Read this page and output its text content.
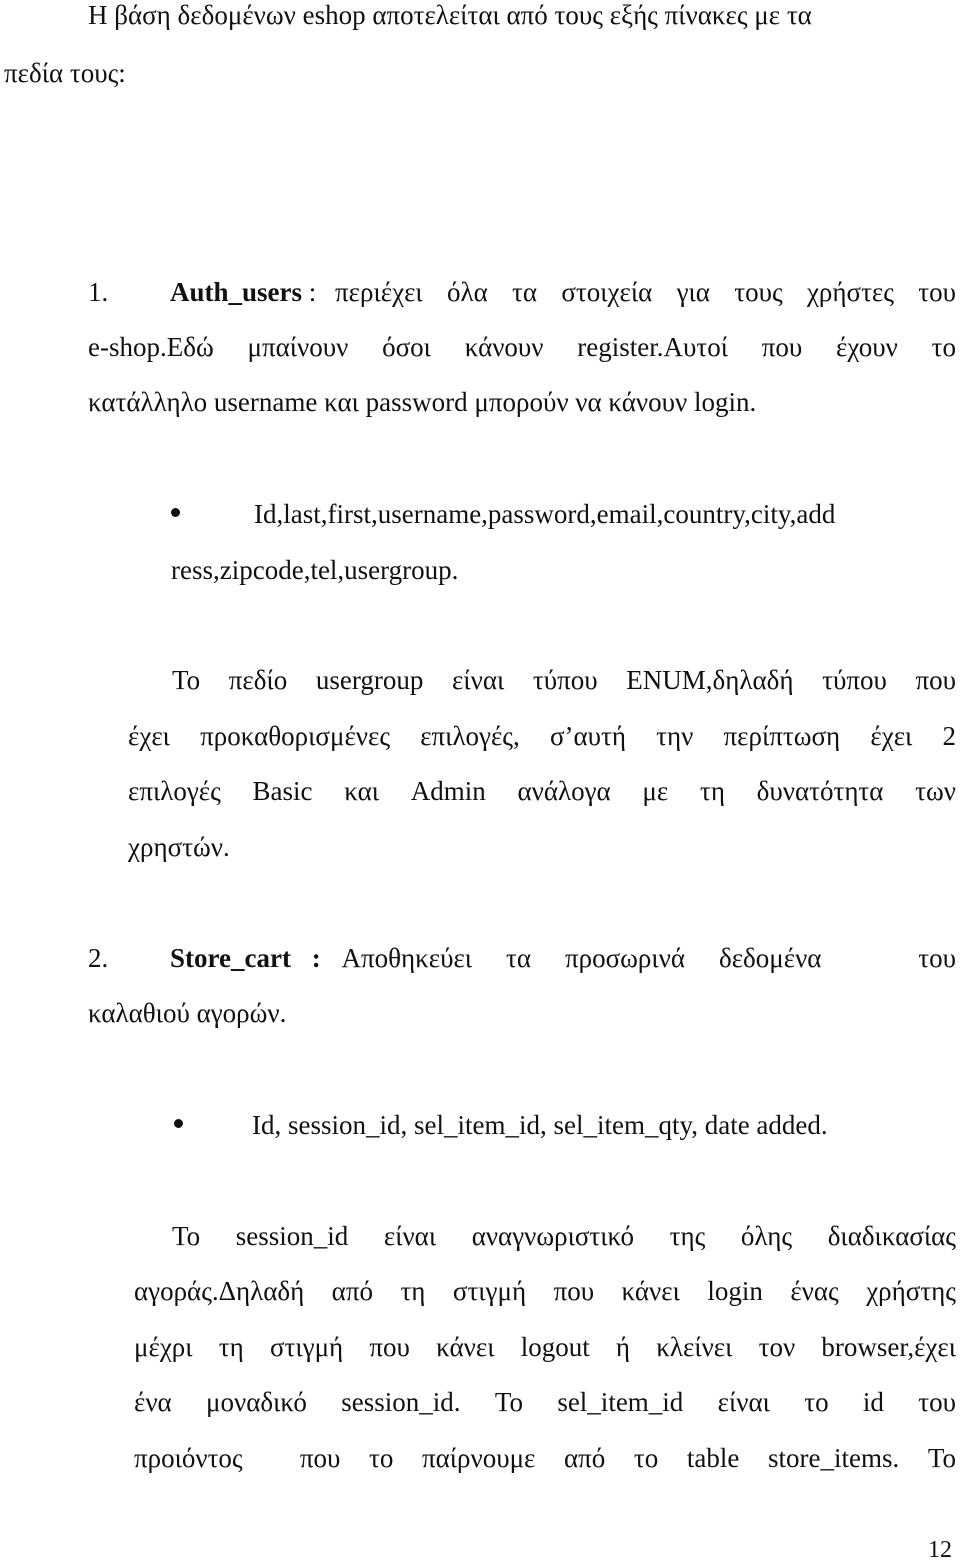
Η βάση δεδομένων eshop αποτελείται από τους εξής πίνακες με τα
πεδία τους:
1.	Auth_users : περιέχει όλα τα στοιχεία για τους χρήστες του
e-shop.Εδώ μπαίνουν όσοι κάνουν register.Αυτοί που έχουν το
κατάλληλο username και password μπορούν να κάνουν login.
Id,last,first,username,password,email,country,city,add
ress,zipcode,tel,usergroup.
Το πεδίο usergroup είναι τύπου ENUM,δηλαδή τύπου που
έχει προκαθορισμένες επιλογές, σ’αυτή την περίπτωση έχει 2
επιλογές Basic και Admin ανάλογα με τη δυνατότητα των
χρηστών.
2.	Store_cart : Αποθηκεύει τα προσωρινά δεδομένα	του
καλαθιού αγορών.
Id, session_id, sel_item_id, sel_item_qty, date added.
Το session_id είναι αναγνωριστικό της όλης διαδικασίας
αγοράς.Δηλαδή από τη στιγμή που κάνει login ένας χρήστης
μέχρι τη στιγμή που κάνει logout ή κλείνει τον browser,έχει
ένα μοναδικό session_id. Το sel_item_id είναι το id του
προιόντος  που το παίρνουμε από το table store_items. Το
12
